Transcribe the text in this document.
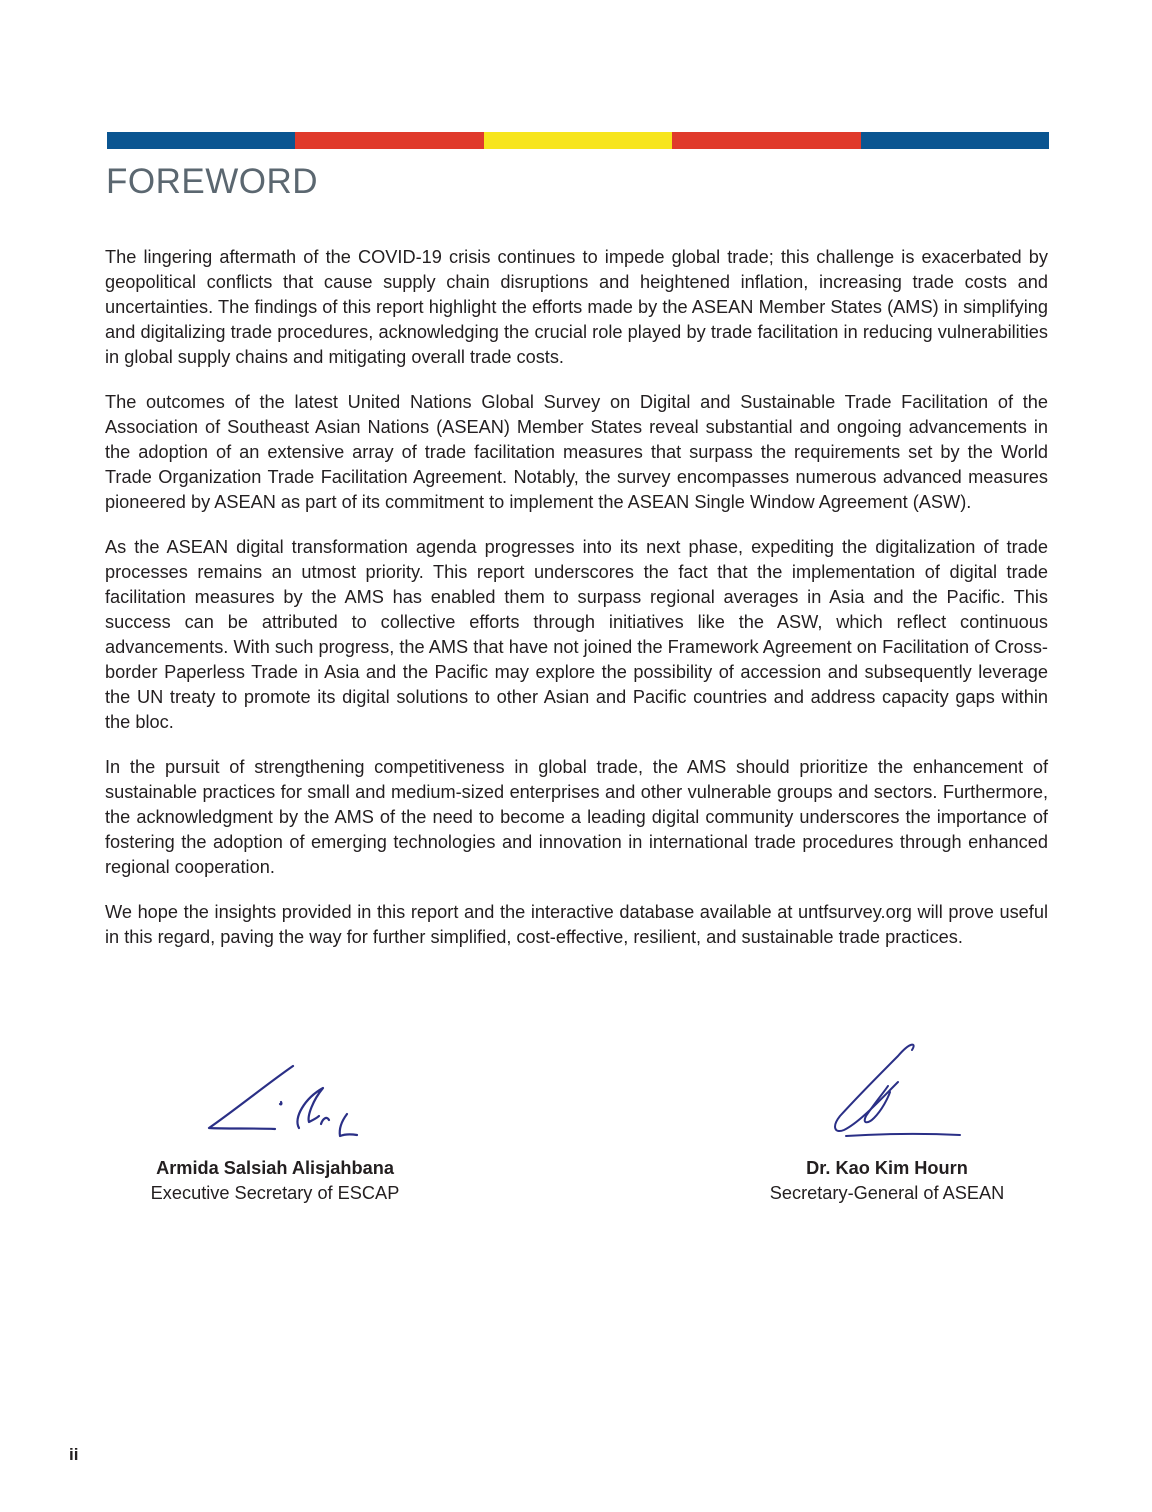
FOREWORD

The lingering aftermath of the COVID-19 crisis continues to impede global trade; this challenge is exacerbated by geopolitical conflicts that cause supply chain disruptions and heightened inflation, increasing trade costs and uncertainties. The findings of this report highlight the efforts made by the ASEAN Member States (AMS) in simplifying and digitalizing trade procedures, acknowledging the crucial role played by trade facilitation in reducing vulnerabilities in global supply chains and mitigating overall trade costs.

The outcomes of the latest United Nations Global Survey on Digital and Sustainable Trade Facilitation of the Association of Southeast Asian Nations (ASEAN) Member States reveal substantial and ongoing advancements in the adoption of an extensive array of trade facilitation measures that surpass the requirements set by the World Trade Organization Trade Facilitation Agreement. Notably, the survey encompasses numerous advanced measures pioneered by ASEAN as part of its commitment to implement the ASEAN Single Window Agreement (ASW).

As the ASEAN digital transformation agenda progresses into its next phase, expediting the digitalization of trade processes remains an utmost priority. This report underscores the fact that the implementation of digital trade facilitation measures by the AMS has enabled them to surpass regional averages in Asia and the Pacific. This success can be attributed to collective efforts through initiatives like the ASW, which reflect continuous advancements. With such progress, the AMS that have not joined the Framework Agreement on Facilitation of Cross-border Paperless Trade in Asia and the Pacific may explore the possibility of accession and subsequently leverage the UN treaty to promote its digital solutions to other Asian and Pacific countries and address capacity gaps within the bloc.

In the pursuit of strengthening competitiveness in global trade, the AMS should prioritize the enhancement of sustainable practices for small and medium-sized enterprises and other vulnerable groups and sectors. Furthermore, the acknowledgment by the AMS of the need to become a leading digital community underscores the importance of fostering the adoption of emerging technologies and innovation in international trade procedures through enhanced regional cooperation.

We hope the insights provided in this report and the interactive database available at untfsurvey.org will prove useful in this regard, paving the way for further simplified, cost-effective, resilient, and sustainable trade practices.

Armida Salsiah Alisjahbana
Executive Secretary of ESCAP
Dr. Kao Kim Hourn
Secretary-General of ASEAN
ii
